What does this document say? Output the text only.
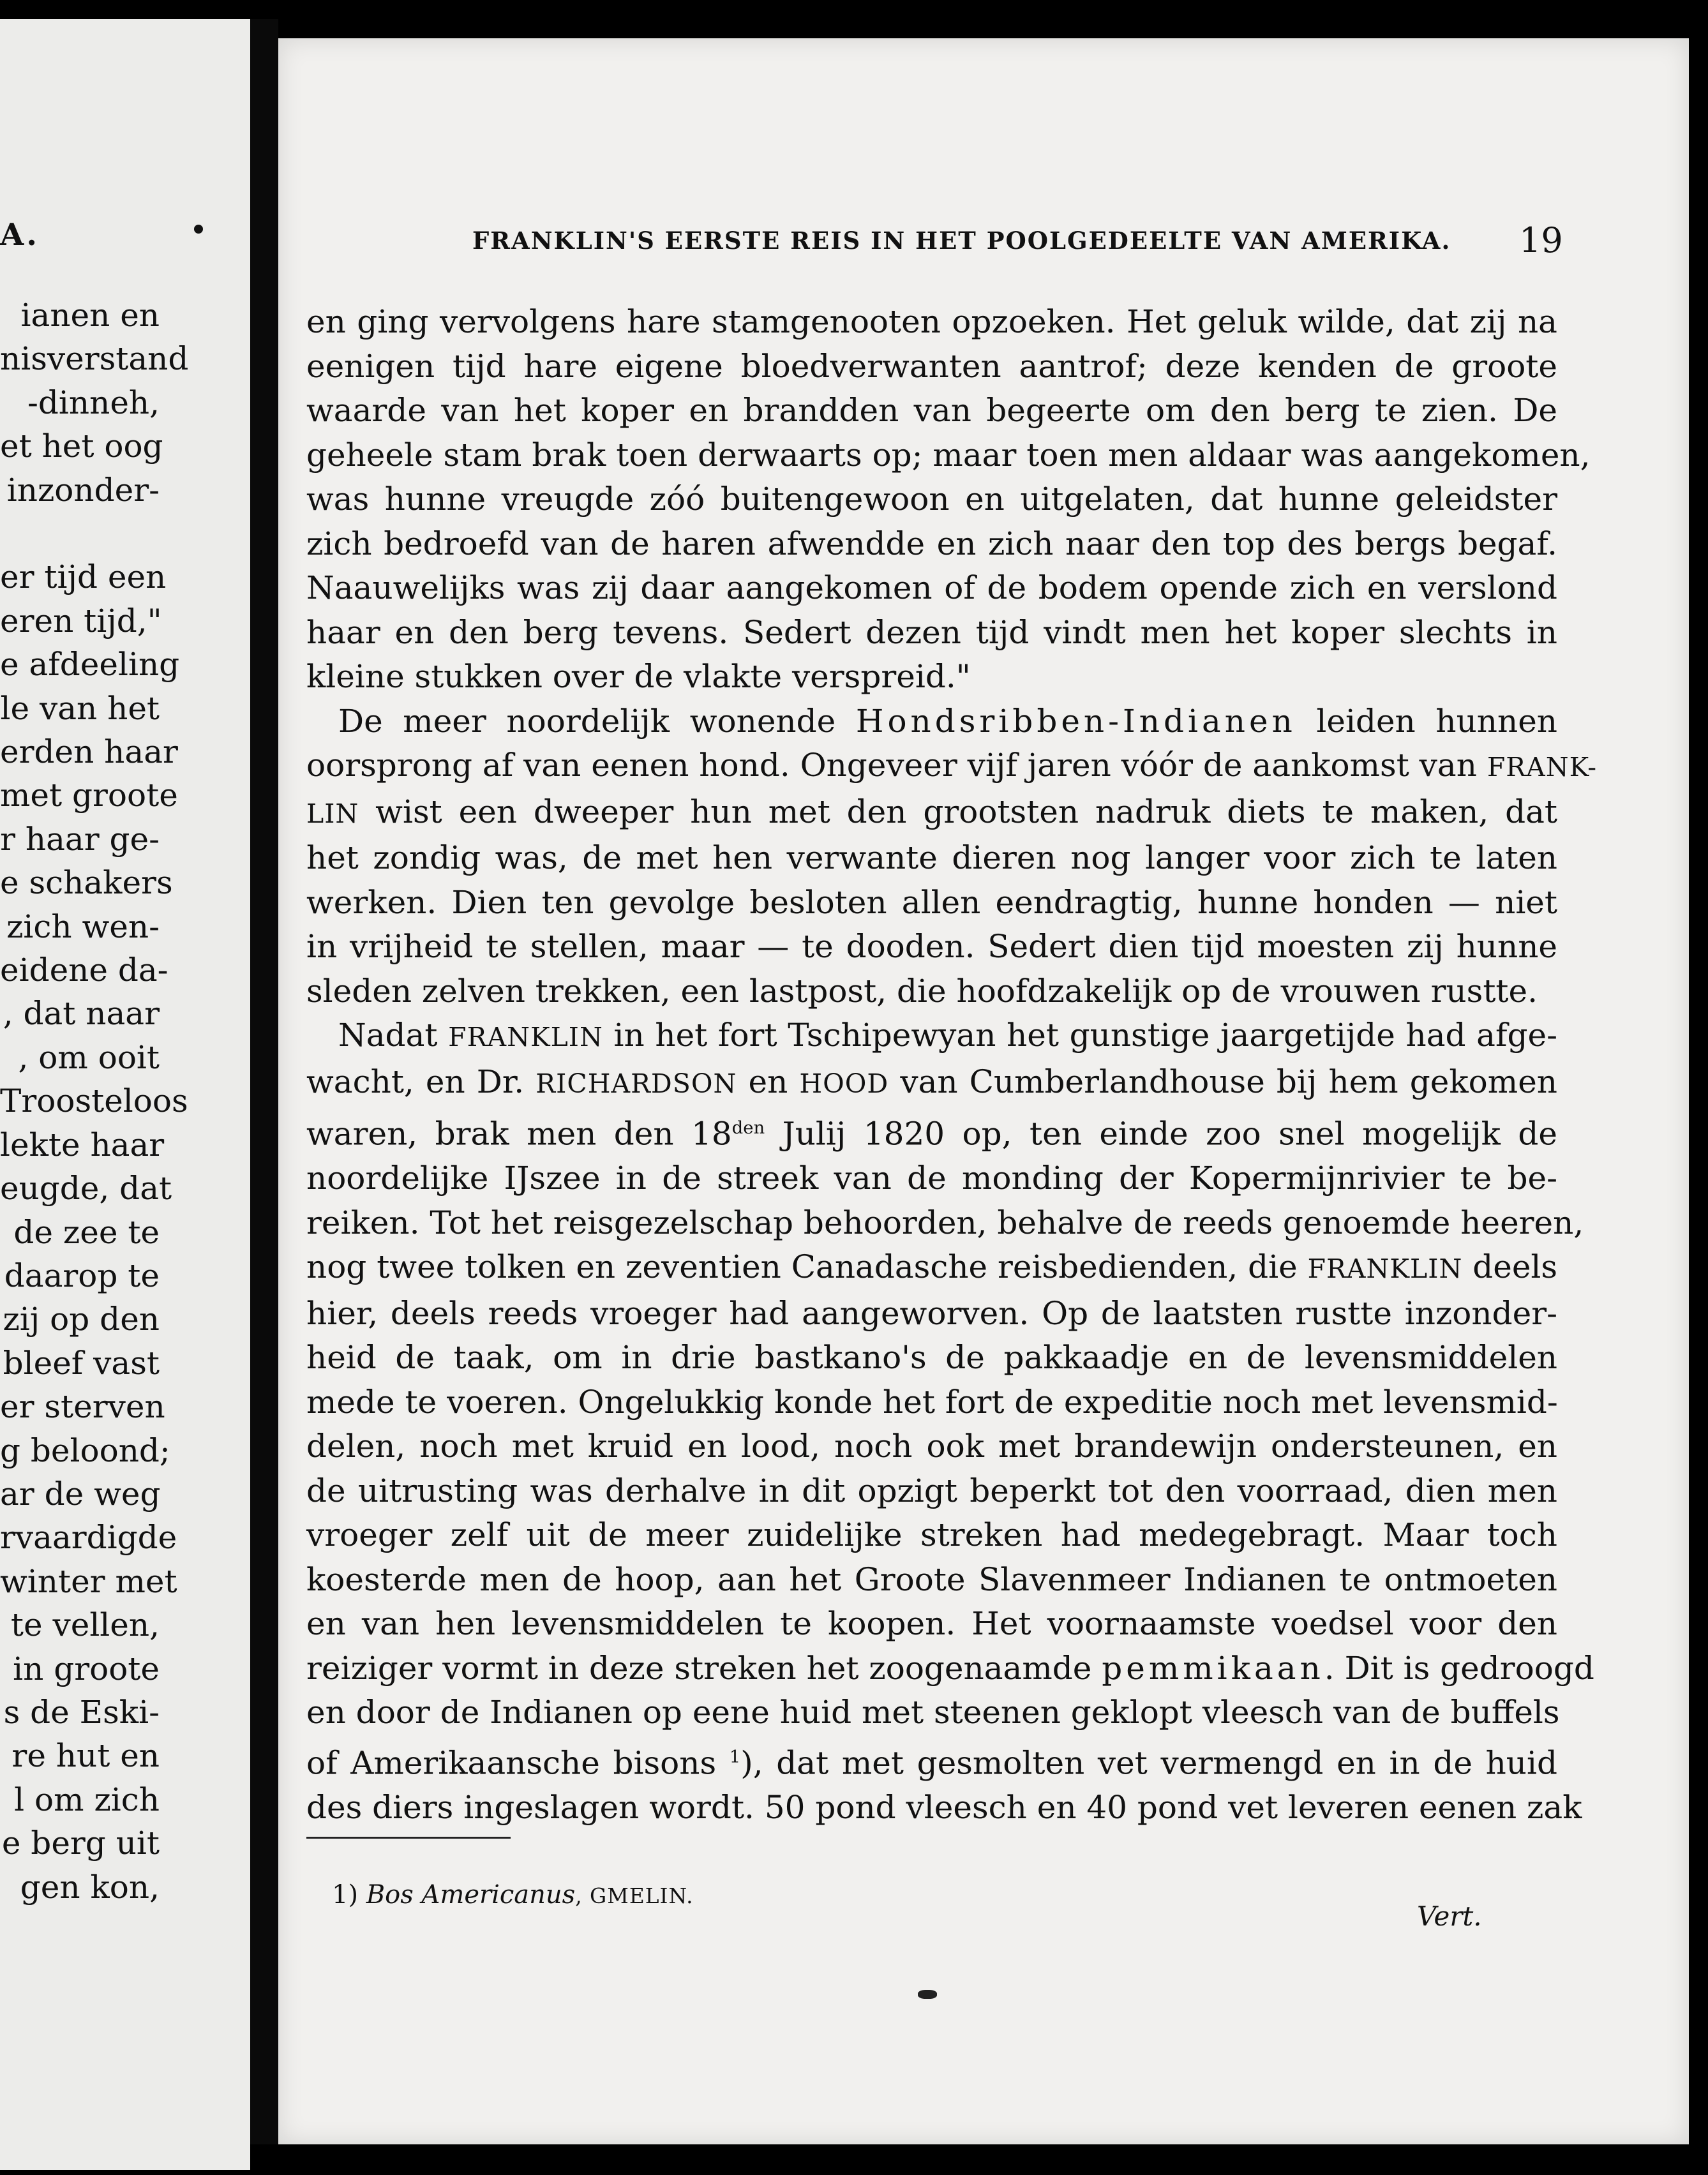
A.
ianen en
nisverstand
-dinneh,
et het oog
inzonder-
er tijd een
eren tijd,"
e afdeeling
le van het
erden haar
met groote
r haar ge-
e schakers
zich wen-
eidene da-
, dat naar
, om ooit
Troosteloos
lekte haar
eugde, dat
de zee te
daarop te
zij op den
bleef vast
er sterven
g beloond;
ar de weg
rvaardigde
winter met
te vellen,
in groote
s de Eski-
re hut en
l om zich
e berg uit
gen kon,
FRANKLIN'S EERSTE REIS IN HET POOLGEDEELTE VAN AMERIKA. 19
en ging vervolgens hare stamgenooten opzoeken. Het geluk wilde, dat zij na
eenigen tijd hare eigene bloedverwanten aantrof; deze kenden de groote
waarde van het koper en brandden van begeerte om den berg te zien. De
geheele stam brak toen derwaarts op; maar toen men aldaar was aangekomen,
was hunne vreugde zóó buitengewoon en uitgelaten, dat hunne geleidster
zich bedroefd van de haren afwendde en zich naar den top des bergs begaf.
Naauwelijks was zij daar aangekomen of de bodem opende zich en verslond
haar en den berg tevens. Sedert dezen tijd vindt men het koper slechts in
kleine stukken over de vlakte verspreid."
De meer noordelijk wonende Hondsribben-Indianen leiden hunnen
oorsprong af van eenen hond. Ongeveer vijf jaren vóór de aankomst van FRANK-
LIN wist een dweeper hun met den grootsten nadruk diets te maken, dat
het zondig was, de met hen verwante dieren nog langer voor zich te laten
werken. Dien ten gevolge besloten allen eendragtig, hunne honden — niet
in vrijheid te stellen, maar — te dooden. Sedert dien tijd moesten zij hunne
sleden zelven trekken, een lastpost, die hoofdzakelijk op de vrouwen rustte.
Nadat FRANKLIN in het fort Tschipewyan het gunstige jaargetijde had afge-
wacht, en Dr. RICHARDSON en HOOD van Cumberlandhouse bij hem gekomen
waren, brak men den $18^{den}$ Julij 1820 op, ten einde zoo snel mogelijk de
noordelijke IJszee in de streek van de monding der Kopermijnrivier te be-
reiken. Tot het reisgezelschap behoorden, behalve de reeds genoemde heeren,
nog twee tolken en zeventien Canadasche reisbedienden, die FRANKLIN deels
hier, deels reeds vroeger had aangeworven. Op de laatsten rustte inzonder-
heid de taak, om in drie bastkano's de pakkaadje en de levensmiddelen
mede te voeren. Ongelukkig konde het fort de expeditie noch met levensmid-
delen, noch met kruid en lood, noch ook met brandewijn ondersteunen, en
de uitrusting was derhalve in dit opzigt beperkt tot den voorraad, dien men
vroeger zelf uit de meer zuidelijke streken had medegebragt. Maar toch
koesterde men de hoop, aan het Groote Slavenmeer Indianen te ontmoeten
en van hen levensmiddelen te koopen. Het voornaamste voedsel voor den
reiziger vormt in deze streken het zoogenaamde pemmikaan. Dit is gedroogd
en door de Indianen op eene huid met steenen geklopt vleesch van de buffels
of Amerikaansche bisons $^1$), dat met gesmolten vet vermengd en in de huid
des diers ingeslagen wordt. 50 pond vleesch en 40 pond vet leveren eenen zak
1) Bos Americanus, GMELIN.
Vert.
